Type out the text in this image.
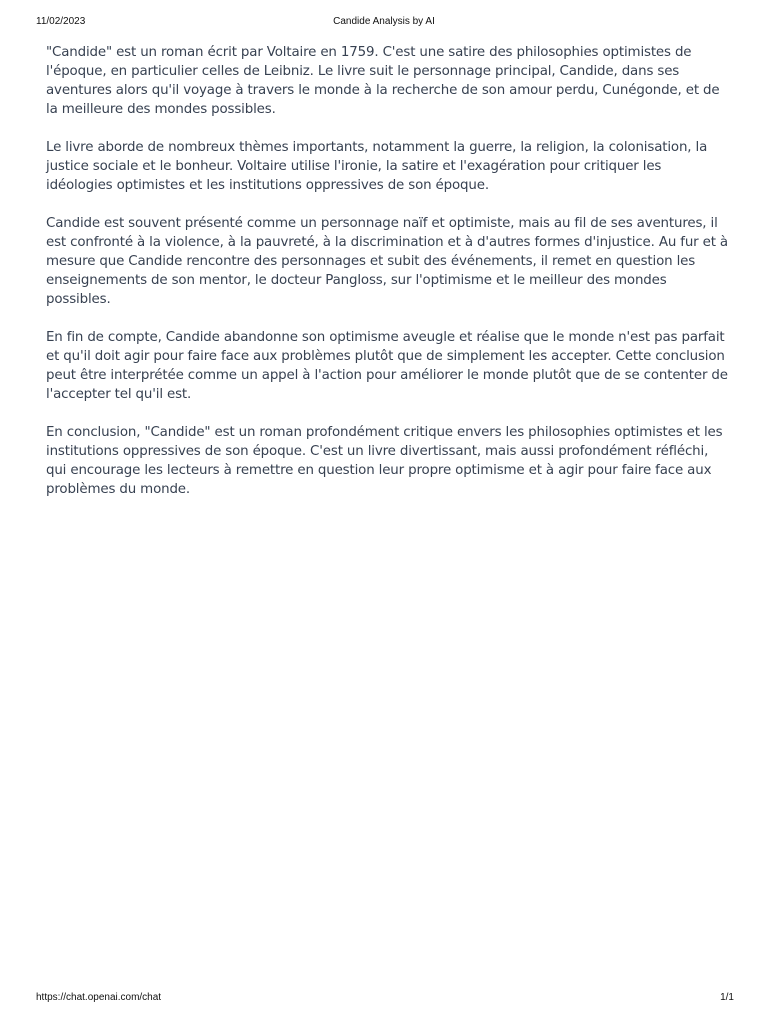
Candide Analysis by AI
11/02/2023

"Candide" est un roman écrit par Voltaire en 1759. C'est une satire des philosophies optimistes de l'époque, en particulier celles de Leibniz. Le livre suit le personnage principal, Candide, dans ses aventures alors qu'il voyage à travers le monde à la recherche de son amour perdu, Cunégonde, et de la meilleure des mondes possibles.

Le livre aborde de nombreux thèmes importants, notamment la guerre, la religion, la colonisation, la justice sociale et le bonheur. Voltaire utilise l'ironie, la satire et l'exagération pour critiquer les idéologies optimistes et les institutions oppressives de son époque.

Candide est souvent présenté comme un personnage naïf et optimiste, mais au fil de ses aventures, il est confronté à la violence, à la pauvreté, à la discrimination et à d'autres formes d'injustice. Au fur et à mesure que Candide rencontre des personnages et subit des événements, il remet en question les enseignements de son mentor, le docteur Pangloss, sur l'optimisme et le meilleur des mondes possibles.

En fin de compte, Candide abandonne son optimisme aveugle et réalise que le monde n'est pas parfait et qu'il doit agir pour faire face aux problèmes plutôt que de simplement les accepter. Cette conclusion peut être interprétée comme un appel à l'action pour améliorer le monde plutôt que de se contenter de l'accepter tel qu'il est.

En conclusion, "Candide" est un roman profondément critique envers les philosophies optimistes et les institutions oppressives de son époque. C'est un livre divertissant, mais aussi profondément réfléchi, qui encourage les lecteurs à remettre en question leur propre optimisme et à agir pour faire face aux problèmes du monde.

https://chat.openai.com/chat	1/1
